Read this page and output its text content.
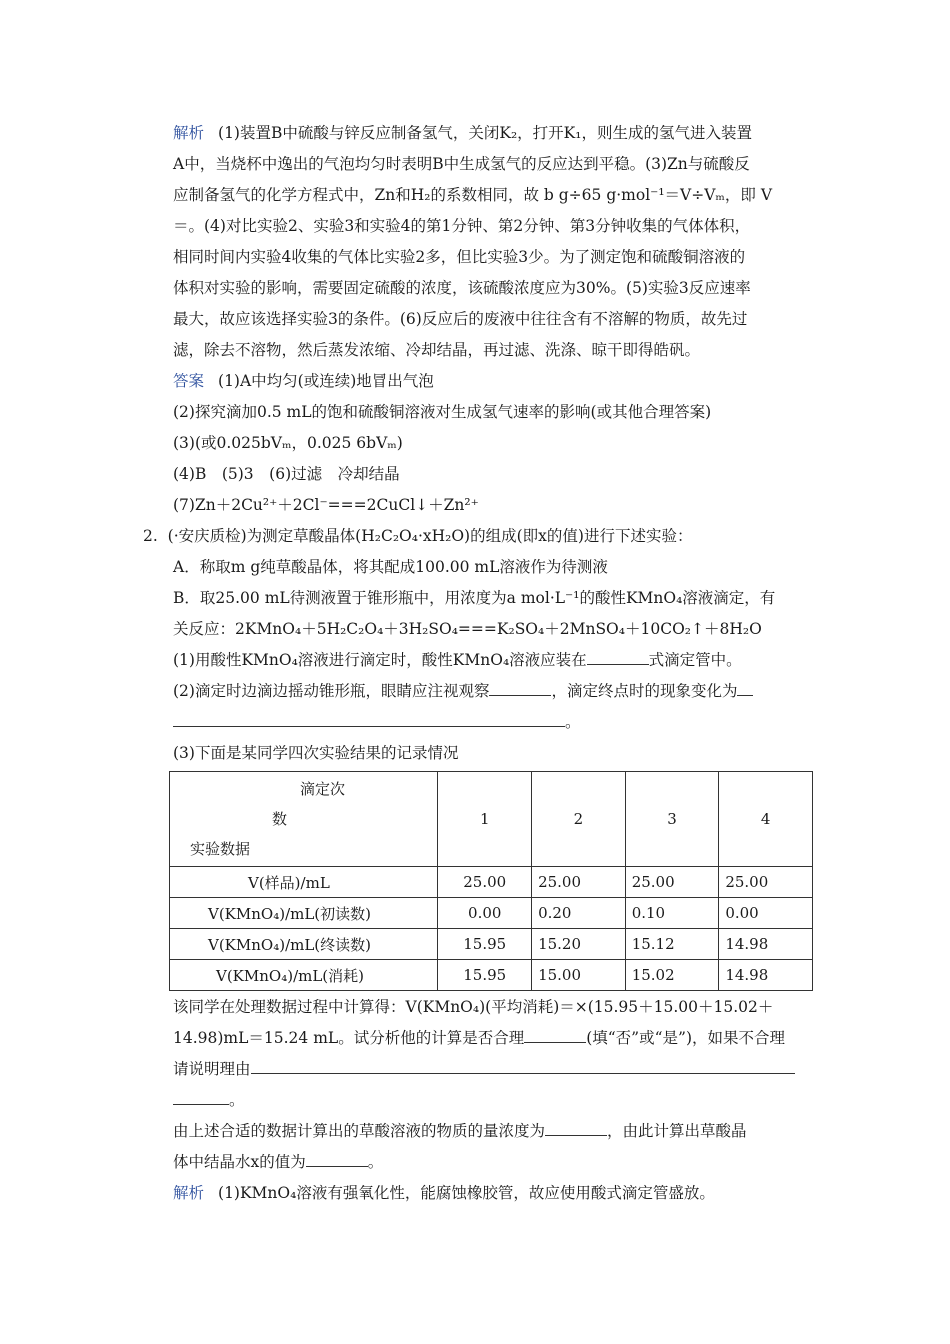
解析 (1)装置B中硫酸与锌反应制备氢气，关闭K₂，打开K₁，则生成的氢气进入装置
A中，当烧杯中逸出的气泡均匀时表明B中生成氢气的反应达到平稳。(3)Zn与硫酸反
应制备氢气的化学方程式中，Zn和H₂的系数相同，故 b g÷65 g·mol⁻¹＝V÷Vₘ，即 V
＝。(4)对比实验2、实验3和实验4的第1分钟、第2分钟、第3分钟收集的气体体积，
相同时间内实验4收集的气体比实验2多，但比实验3少。为了测定饱和硫酸铜溶液的
体积对实验的影响，需要固定硫酸的浓度，该硫酸浓度应为30%。(5)实验3反应速率
最大，故应该选择实验3的条件。(6)反应后的废液中往往含有不溶解的物质，故先过
滤，除去不溶物，然后蒸发浓缩、冷却结晶，再过滤、洗涤、晾干即得皓矾。
答案 (1)A中均匀(或连续)地冒出气泡
(2)探究滴加0.5 mL的饱和硫酸铜溶液对生成氢气速率的影响(或其他合理答案)
(3)(或0.025bVₘ，0.025 6bVₘ)
(4)B　(5)3　(6)过滤　冷却结晶
(7)Zn＋2Cu²⁺＋2Cl⁻===2CuCl↓＋Zn²⁺
2. (·安庆质检)为测定草酸晶体(H₂C₂O₄·xH₂O)的组成(即x的值)进行下述实验：
A．称取m g纯草酸晶体，将其配成100.00 mL溶液作为待测液
B．取25.00 mL待测液置于锥形瓶中，用浓度为a mol·L⁻¹的酸性KMnO₄溶液滴定，有
关反应：2KMnO₄＋5H₂C₂O₄＋3H₂SO₄===K₂SO₄＋2MnSO₄＋10CO₂↑＋8H₂O
(1)用酸性KMnO₄溶液进行滴定时，酸性KMnO₄溶液应装在	式滴定管中。
(2)滴定时边滴边摇动锥形瓶，眼睛应注视观察	，滴定终点时的现象变化为
。
(3)下面是某同学四次实验结果的记录情况
滴定次
数
实验数据	1	2	3	4
V(样品)/mL	25.00	25.00	25.00	25.00
V(KMnO₄)/mL(初读数)	0.00	0.20	0.10	0.00
V(KMnO₄)/mL(终读数)	15.95	15.20	15.12	14.98
V(KMnO₄)/mL(消耗)	15.95	15.00	15.02	14.98
该同学在处理数据过程中计算得：V(KMnO₄)(平均消耗)＝×(15.95＋15.00＋15.02＋
14.98)mL＝15.24 mL。试分析他的计算是否合理	(填“否”或“是”)，如果不合理
请说明理由
。
由上述合适的数据计算出的草酸溶液的物质的量浓度为	，由此计算出草酸晶
体中结晶水x的值为	。
解析 (1)KMnO₄溶液有强氧化性，能腐蚀橡胶管，故应使用酸式滴定管盛放。
